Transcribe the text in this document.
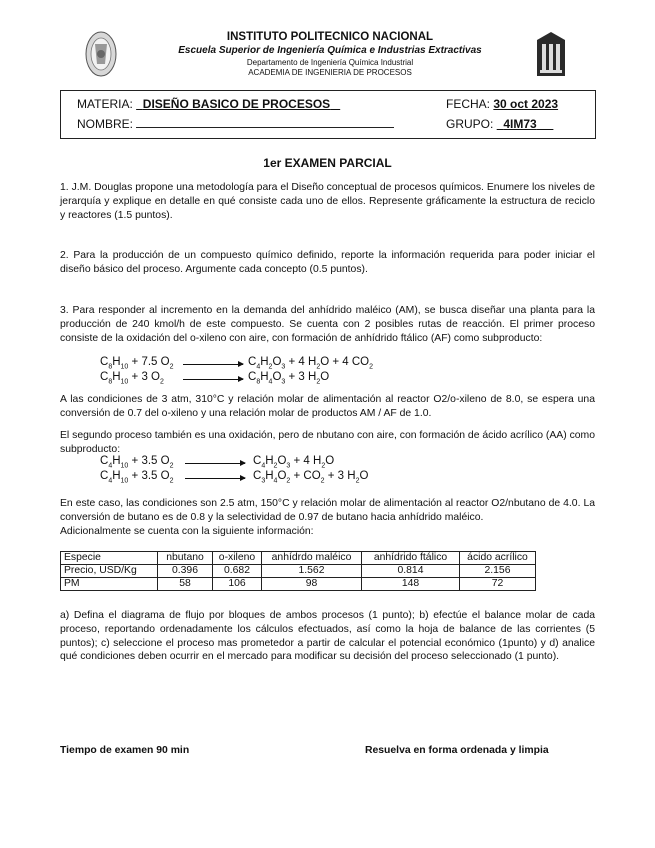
INSTITUTO POLITECNICO NACIONAL
Escuela Superior de Ingeniería Química e Industrias Extractivas
Departamento de Ingeniería Química Industrial
ACADEMIA DE INGENIERIA DE PROCESOS
MATERIA: DISEÑO BASICO DE PROCESOS
NOMBRE:
FECHA: 30 oct 2023
GRUPO: 4IM73
1er EXAMEN PARCIAL
1. J.M. Douglas propone una metodología para el Diseño conceptual de procesos químicos. Enumere los niveles de jerarquía y explique en detalle en qué consiste cada uno de ellos. Represente gráficamente la estructura de reciclo y reactores (1.5 puntos).
2. Para la producción de un compuesto químico definido, reporte la información requerida para poder iniciar el diseño básico del proceso. Argumente cada concepto (0.5 puntos).
3. Para responder al incremento en la demanda del anhídrido maléico (AM), se busca diseñar una planta para la producción de 240 kmol/h de este compuesto. Se cuenta con 2 posibles rutas de reacción. El primer proceso consiste de la oxidación del o-xileno con aire, con formación de anhídrido ftálico (AF) como subproducto:
$C_8H_{10} + 7.5$ $O_2 \to C_4H_2O_3 + 4$ $H_2O + 4$ $CO_2$
$C_8H_{10} + 3$ $O_2 \to C_8H_4O_3 + 3$ $H_2O$
A las condiciones de 3 atm, 310°C y relación molar de alimentación al reactor O2/o-xileno de 8.0, se espera una conversión de 0.7 del o-xileno y una relación molar de productos AM / AF de 1.0.
El segundo proceso también es una oxidación, pero de nbutano con aire, con formación de ácido acrílico (AA) como subproducto:
$C_4H_{10} + 3.5$ $O_2 \to C_4H_2O_3 + 4$ $H_2O$
$C_4H_{10} + 3.5$ $O_2 \to C_3H_4O_2 + CO_2 + 3$ $H_2O$
En este caso, las condiciones son 2.5 atm, 150°C y relación molar de alimentación al reactor O2/nbutano de 4.0. La conversión de butano es de 0.8 y la selectividad de 0.97 de butano hacia anhídrido maléico.
Adicionalmente se cuenta con la siguiente información:
Especie	nbutano	o-xileno	anhídrdo maléico	anhídrido ftálico	ácido acrílico
Precio, USD/Kg	0.396	0.682	1.562	0.814	2.156
PM	58	106	98	148	72
a) Defina el diagrama de flujo por bloques de ambos procesos (1 punto); b) efectúe el balance molar de cada proceso, reportando ordenadamente los cálculos efectuados, así como la hoja de balance de las corrientes (5 puntos); c) seleccione el proceso mas prometedor a partir de calcular el potencial económico (1punto) y d) analice qué condiciones deben ocurrir en el mercado para modificar su decisión del proceso seleccionado (1 punto).
Tiempo de examen 90 min	Resuelva en forma ordenada y limpia
